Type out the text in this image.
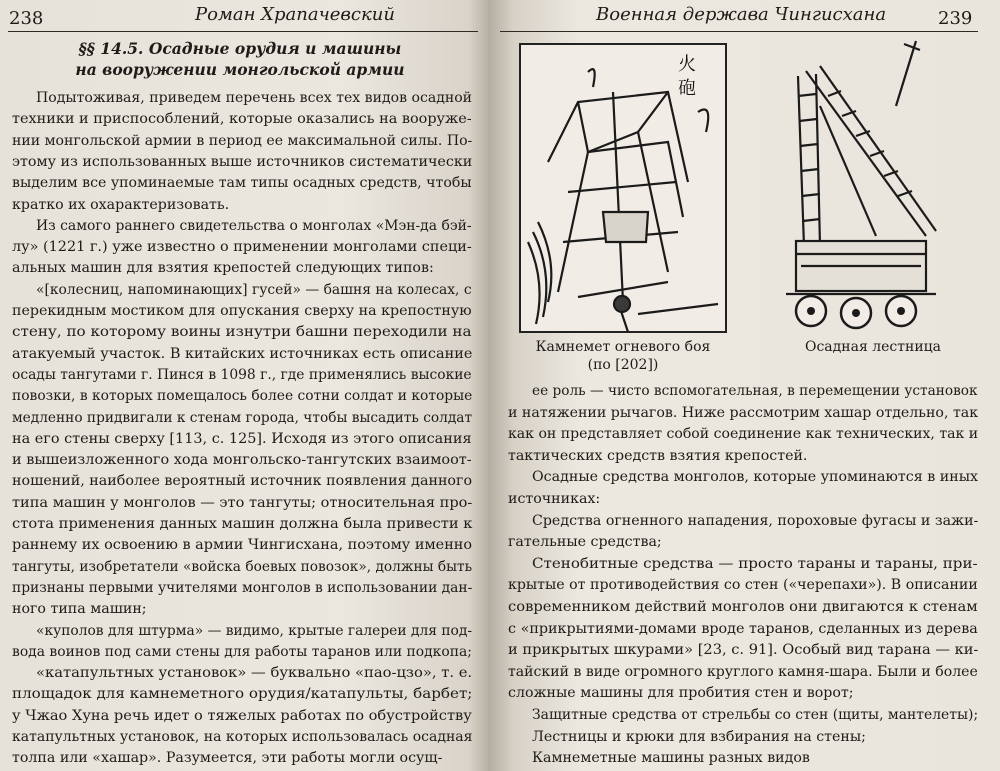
238	Роман Храпачевский
§§ 14.5. Осадные орудия и машины
на вооружении монгольской армии
Подытоживая, приведем перечень всех тех видов осадной
техники и приспособлений, которые оказались на вооруже-
нии монгольской армии в период ее максимальной силы. По-
этому из использованных выше источников систематически
выделим все упоминаемые там типы осадных средств, чтобы
кратко их охарактеризовать.
Из самого раннего свидетельства о монголах «Мэн-да бэй-
лу» (1221 г.) уже известно о применении монголами специ-
альных машин для взятия крепостей следующих типов:
«[колесниц, напоминающих] гусей» — башня на колесах, с
перекидным мостиком для опускания сверху на крепостную
стену, по которому воины изнутри башни переходили на
атакуемый участок. В китайских источниках есть описание
осады тангутами г. Пинся в 1098 г., где применялись высокие
повозки, в которых помещалось более сотни солдат и которые
медленно придвигали к стенам города, чтобы высадить солдат
на его стены сверху [113, с. 125]. Исходя из этого описания
и вышеизложенного хода монгольско-тангутских взаимоот-
ношений, наиболее вероятный источник появления данного
типа машин у монголов — это тангуты; относительная про-
стота применения данных машин должна была привести к
раннему их освоению в армии Чингисхана, поэтому именно
тангуты, изобретатели «войска боевых повозок», должны быть
признаны первыми учителями монголов в использовании дан-
ного типа машин;
«куполов для штурма» — видимо, крытые галереи для под-
вода воинов под сами стены для работы таранов или подкопа;
«катапультных установок» — буквально «пао-цзо», т. е.
площадок для камнеметного орудия/катапульты, барбет;
у Чжао Хуна речь идет о тяжелых работах по обустройству
катапультных установок, на которых использовалась осадная
толпа или «хашар». Разумеется, эти работы могли осущ-
Военная держава Чингисхана	239
火
砲
Камнемет огневого боя
(по [202])
Осадная лестница
ее роль — чисто вспомогательная, в перемещении установок
и натяжении рычагов. Ниже рассмотрим хашар отдельно, так
как он представляет собой соединение как технических, так и
тактических средств взятия крепостей.
Осадные средства монголов, которые упоминаются в иных
источниках:
Средства огненного нападения, пороховые фугасы и зажи-
гательные средства;
Стенобитные средства — просто тараны и тараны, при-
крытые от противодействия со стен («черепахи»). В описании
современником действий монголов они двигаются к стенам
с «прикрытиями-домами вроде таранов, сделанных из дерева
и прикрытых шкурами» [23, с. 91]. Особый вид тарана — ки-
тайский в виде огромного круглого камня-шара. Были и более
сложные машины для пробития стен и ворот;
Защитные средства от стрельбы со стен (щиты, мантелеты);
Лестницы и крюки для взбирания на стены;
Камнеметные машины разных видов
